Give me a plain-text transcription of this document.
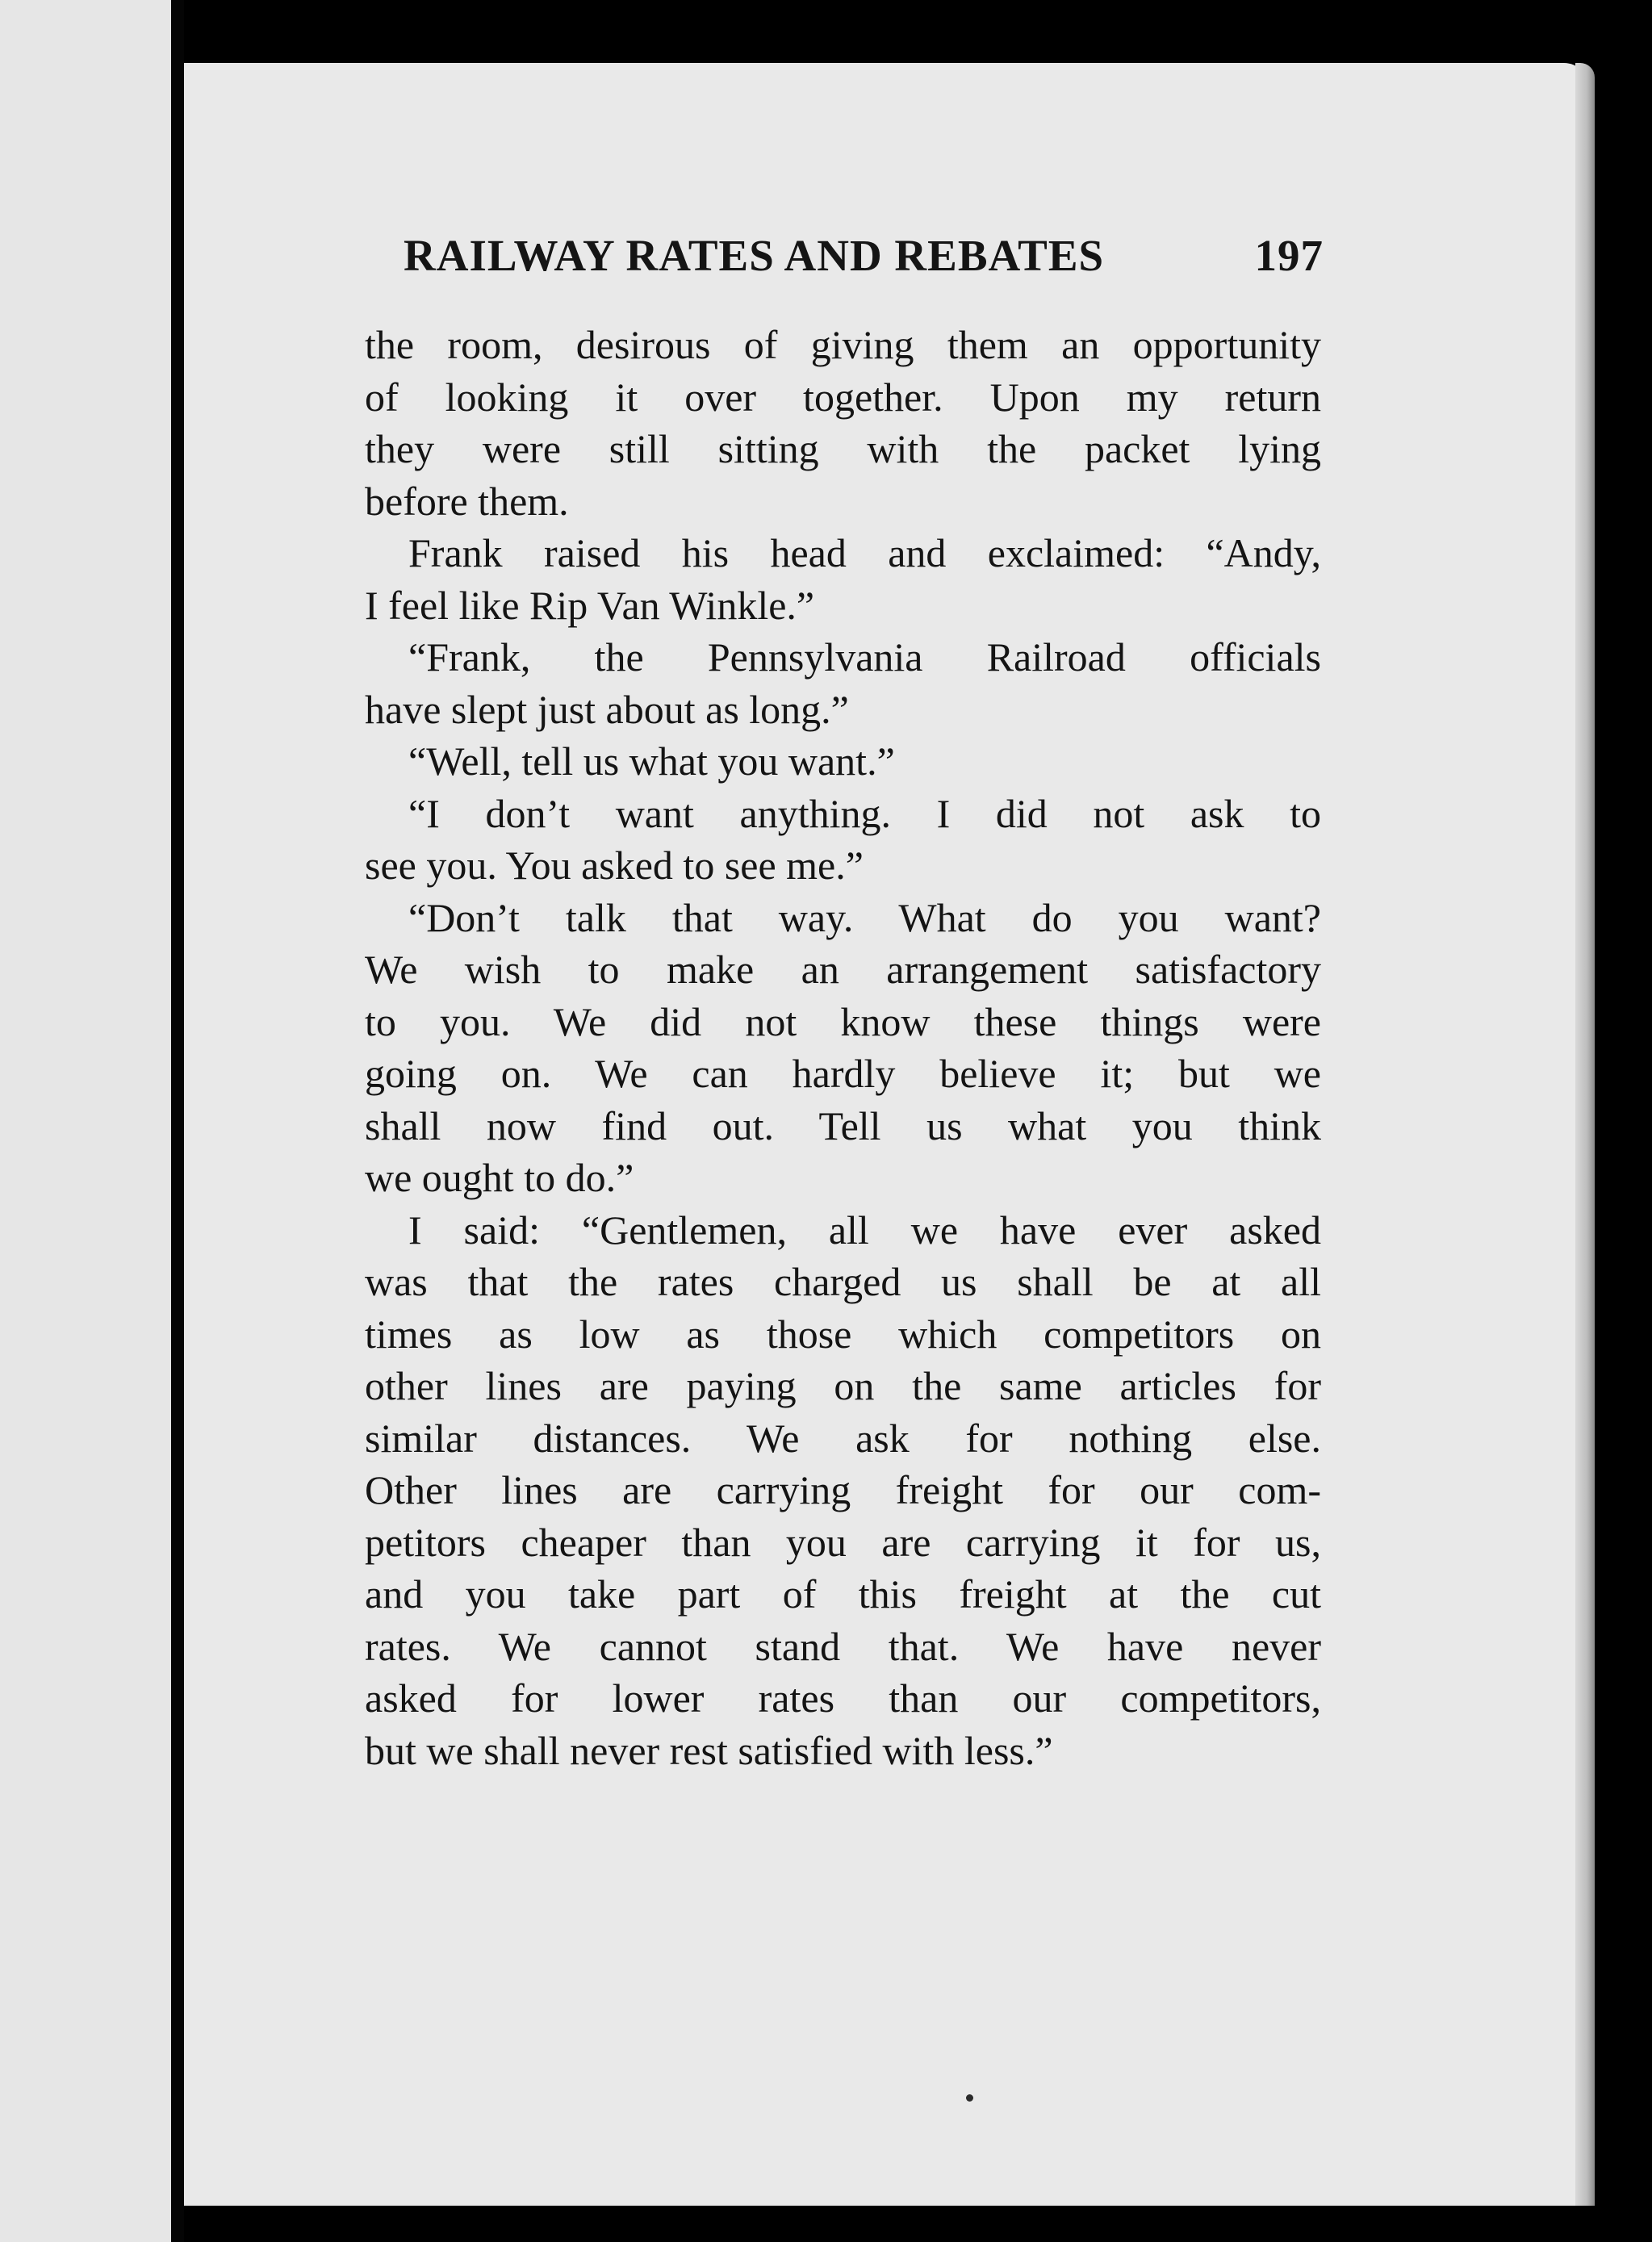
RAILWAY RATES AND REBATES	197
the room, desirous of giving them an opportunity
of looking it over together. Upon my return
they were still sitting with the packet lying
before them.
Frank raised his head and exclaimed: “Andy,
I feel like Rip Van Winkle.”
“Frank, the Pennsylvania Railroad officials
have slept just about as long.”
“Well, tell us what you want.”
“I don’t want anything. I did not ask to
see you. You asked to see me.”
“Don’t talk that way. What do you want?
We wish to make an arrangement satisfactory
to you. We did not know these things were
going on. We can hardly believe it; but we
shall now find out. Tell us what you think
we ought to do.”
I said: “Gentlemen, all we have ever asked
was that the rates charged us shall be at all
times as low as those which competitors on
other lines are paying on the same articles for
similar distances. We ask for nothing else.
Other lines are carrying freight for our com-
petitors cheaper than you are carrying it for us,
and you take part of this freight at the cut
rates. We cannot stand that. We have never
asked for lower rates than our competitors,
but we shall never rest satisfied with less.”
